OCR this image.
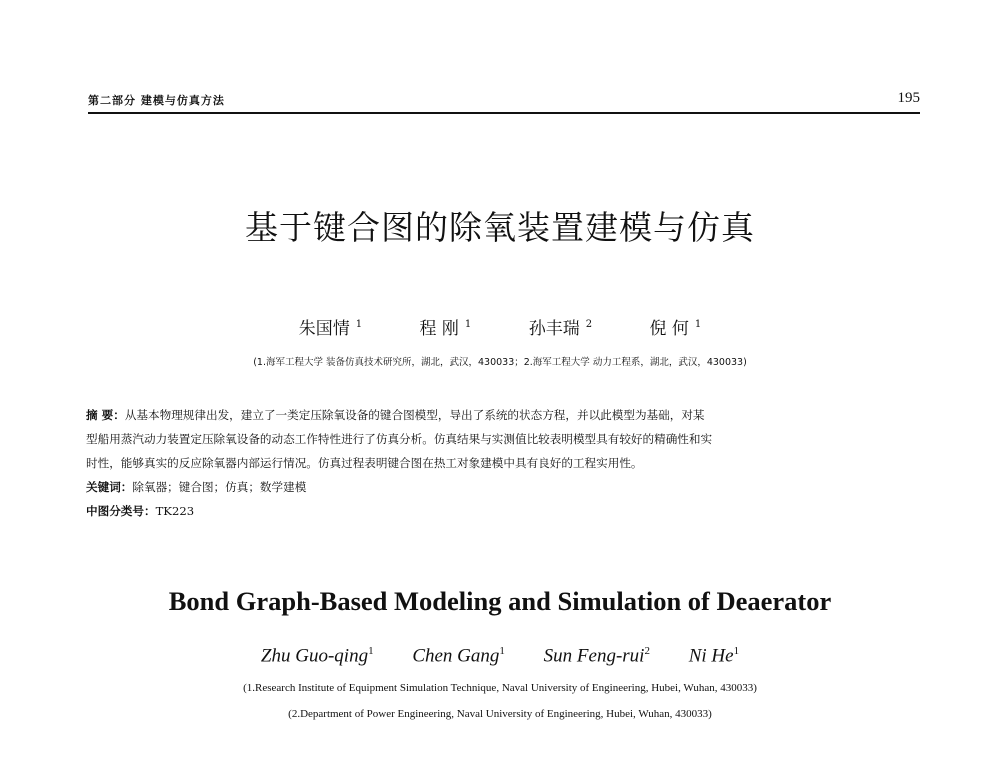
第二部分 建模与仿真方法	195
基于键合图的除氧装置建模与仿真
朱国情 $^1$	程 刚 $^1$	孙丰瑞 $^2$	倪 何 $^1$
(1.海军工程大学 装备仿真技术研究所，湖北，武汉，430033；2.海军工程大学 动力工程系，湖北，武汉，430033)
摘 要：从基本物理规律出发，建立了一类定压除氧设备的键合图模型，导出了系统的状态方程，并以此模型为基础，对某
型船用蒸汽动力装置定压除氧设备的动态工作特性进行了仿真分析。仿真结果与实测值比较表明模型具有较好的精确性和实
时性，能够真实的反应除氧器内部运行情况。仿真过程表明键合图在热工对象建模中具有良好的工程实用性。
关键词：除氧器；键合图；仿真；数学建模
中图分类号：TK223
Bond Graph-Based Modeling and Simulation of Deaerator
Zhu Guo-qing$^1$ Chen Gang$^1$ Sun Feng-rui$^2$ Ni He$^1$
(1.Research Institute of Equipment Simulation Technique, Naval University of Engineering, Hubei, Wuhan, 430033)
(2.Department of Power Engineering, Naval University of Engineering, Hubei, Wuhan, 430033)
